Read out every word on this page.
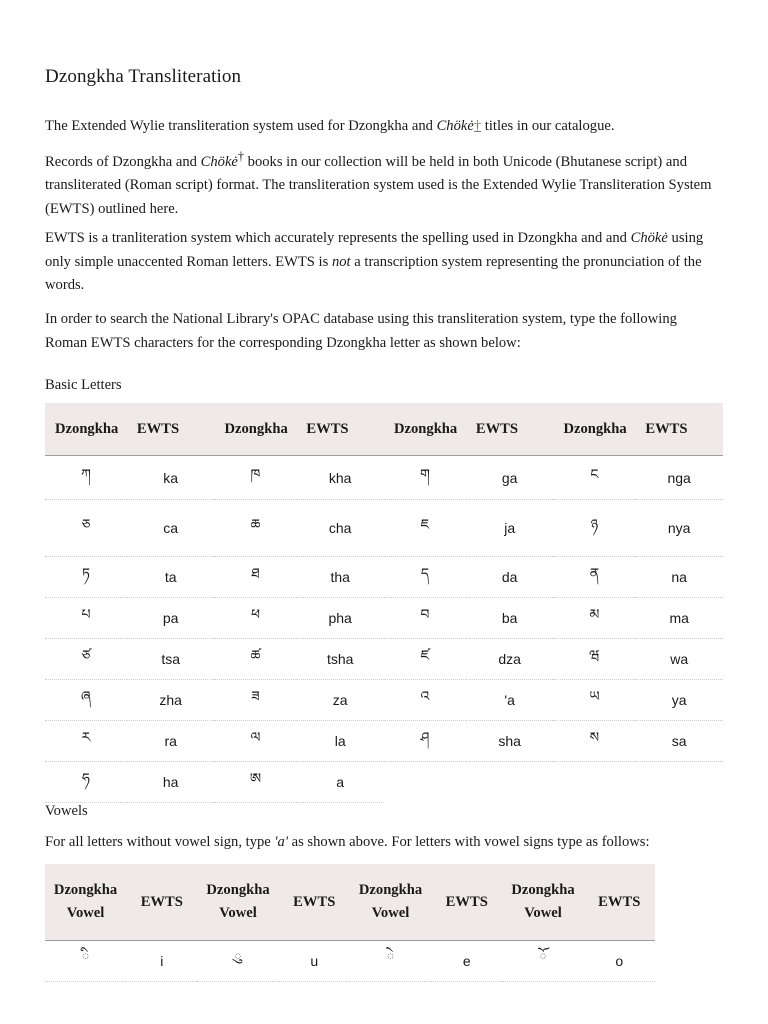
Dzongkha Transliteration

The Extended Wylie transliteration system used for Dzongkha and Chökė† titles in our catalogue.

Records of Dzongkha and Chökė† books in our collection will be held in both Unicode (Bhutanese script) and transliterated (Roman script) format. The transliteration system used is the Extended Wylie Transliteration System (EWTS) outlined here.

EWTS is a tranliteration system which accurately represents the spelling used in Dzongkha and and Chökė using only simple unaccented Roman letters. EWTS is not a transcription system representing the pronunciation of the words.

In order to search the National Library's OPAC database using this transliteration system, type the following Roman EWTS characters for the corresponding Dzongkha letter as shown below:

Basic Letters
Dzongkha	EWTS	Dzongkha	EWTS	Dzongkha	EWTS	Dzongkha	EWTS
ཀ	ka	ཁ	kha	ག	ga	ང	nga
ཅ	ca	ཆ	cha	ཇ	ja	ཉ	nya
ཏ	ta	ཐ	tha	ད	da	ན	na
པ	pa	ཕ	pha	བ	ba	མ	ma
ཙ	tsa	ཚ	tsha	ཛ	dza	ཝ	wa
ཞ	zha	ཟ	za	འ	'a	ཡ	ya
ར	ra	ལ	la	ཤ	sha	ས	sa
ཧ	ha	ཨ	a				
Vowels

For all letters without vowel sign, type 'a' as shown above. For letters with vowel signs type as follows:

Dzongkha Vowel	EWTS	Dzongkha Vowel	EWTS	Dzongkha Vowel	EWTS	Dzongkha Vowel	EWTS
ི	i	ུ	u	ེ	e	ོ	o
